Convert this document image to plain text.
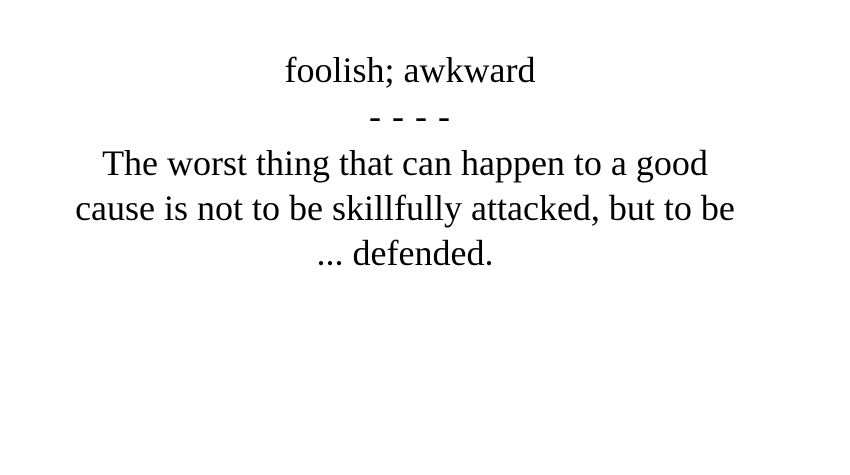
foolish; awkward
- - - -
The worst thing that can happen to a good
cause is not to be skillfully attacked, but to be
... defended.
